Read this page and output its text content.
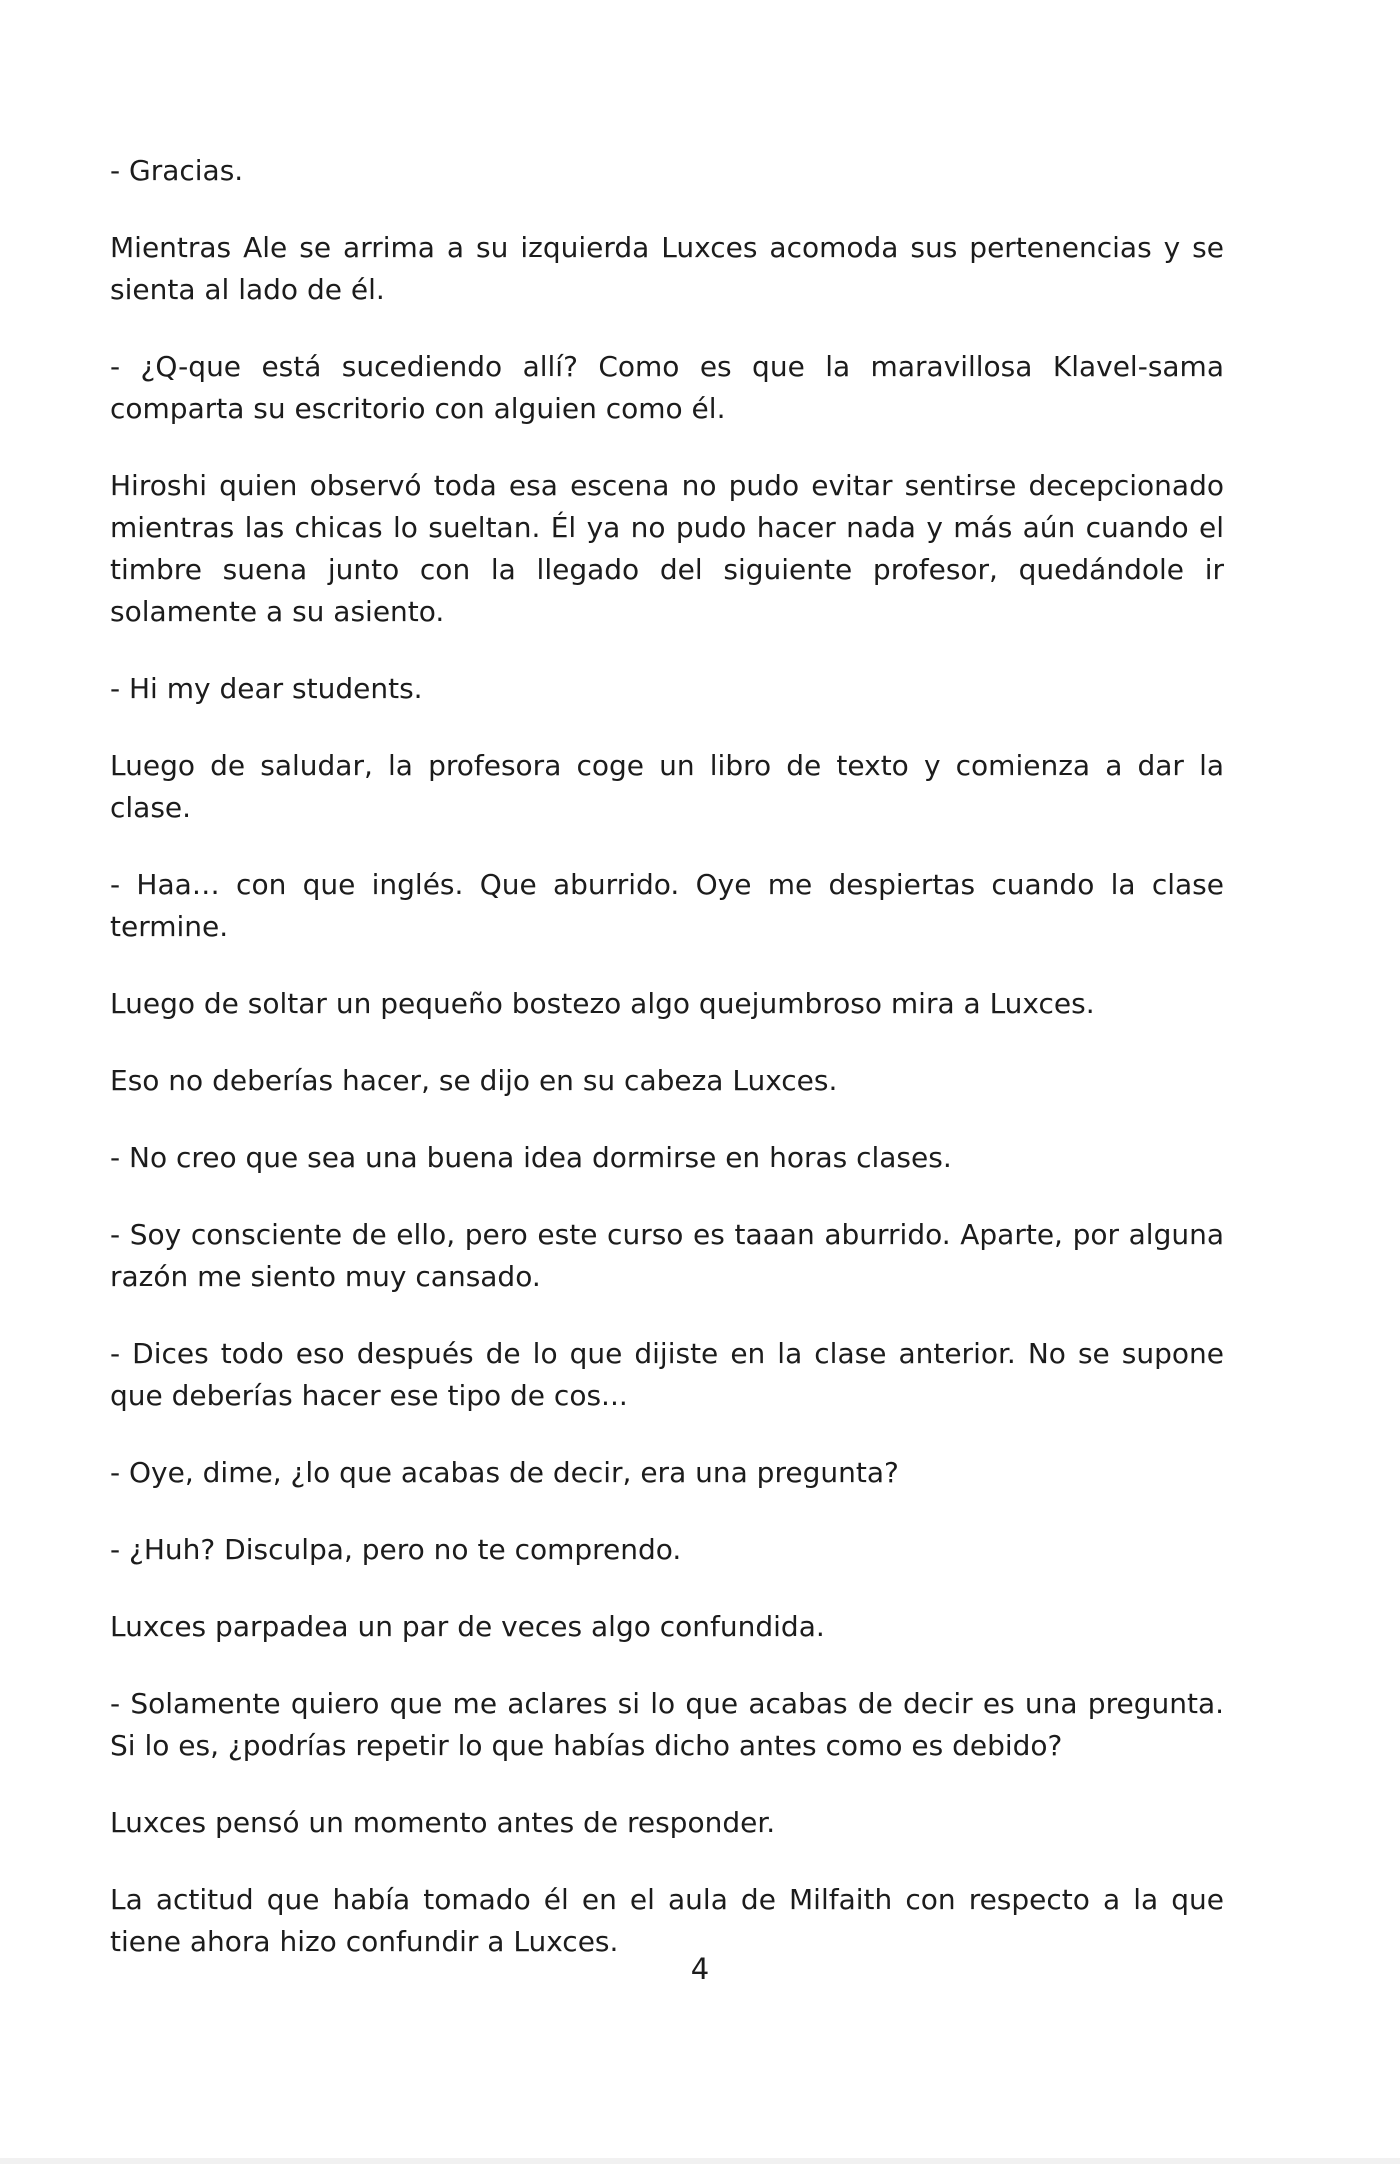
- Gracias.

Mientras Ale se arrima a su izquierda Luxces acomoda sus pertenencias y se sienta al lado de él.

- ¿Q-que está sucediendo allí? Como es que la maravillosa Klavel-sama comparta su escritorio con alguien como él.

Hiroshi quien observó toda esa escena no pudo evitar sentirse decepcionado mientras las chicas lo sueltan. Él ya no pudo hacer nada y más aún cuando el timbre suena junto con la llegado del siguiente profesor, quedándole ir solamente a su asiento.

- Hi my dear students.

Luego de saludar, la profesora coge un libro de texto y comienza a dar la clase.

- Haa… con que inglés. Que aburrido. Oye me despiertas cuando la clase termine.

Luego de soltar un pequeño bostezo algo quejumbroso mira a Luxces.

Eso no deberías hacer, se dijo en su cabeza Luxces.

- No creo que sea una buena idea dormirse en horas clases.

- Soy consciente de ello, pero este curso es taaan aburrido. Aparte, por alguna razón me siento muy cansado.

- Dices todo eso después de lo que dijiste en la clase anterior. No se supone que deberías hacer ese tipo de cos...

- Oye, dime, ¿lo que acabas de decir, era una pregunta?

- ¿Huh? Disculpa, pero no te comprendo.

Luxces parpadea un par de veces algo confundida.

- Solamente quiero que me aclares si lo que acabas de decir es una pregunta. Si lo es, ¿podrías repetir lo que habías dicho antes como es debido?

Luxces pensó un momento antes de responder.

La actitud que había tomado él en el aula de Milfaith con respecto a la que tiene ahora hizo confundir a Luxces.

4
